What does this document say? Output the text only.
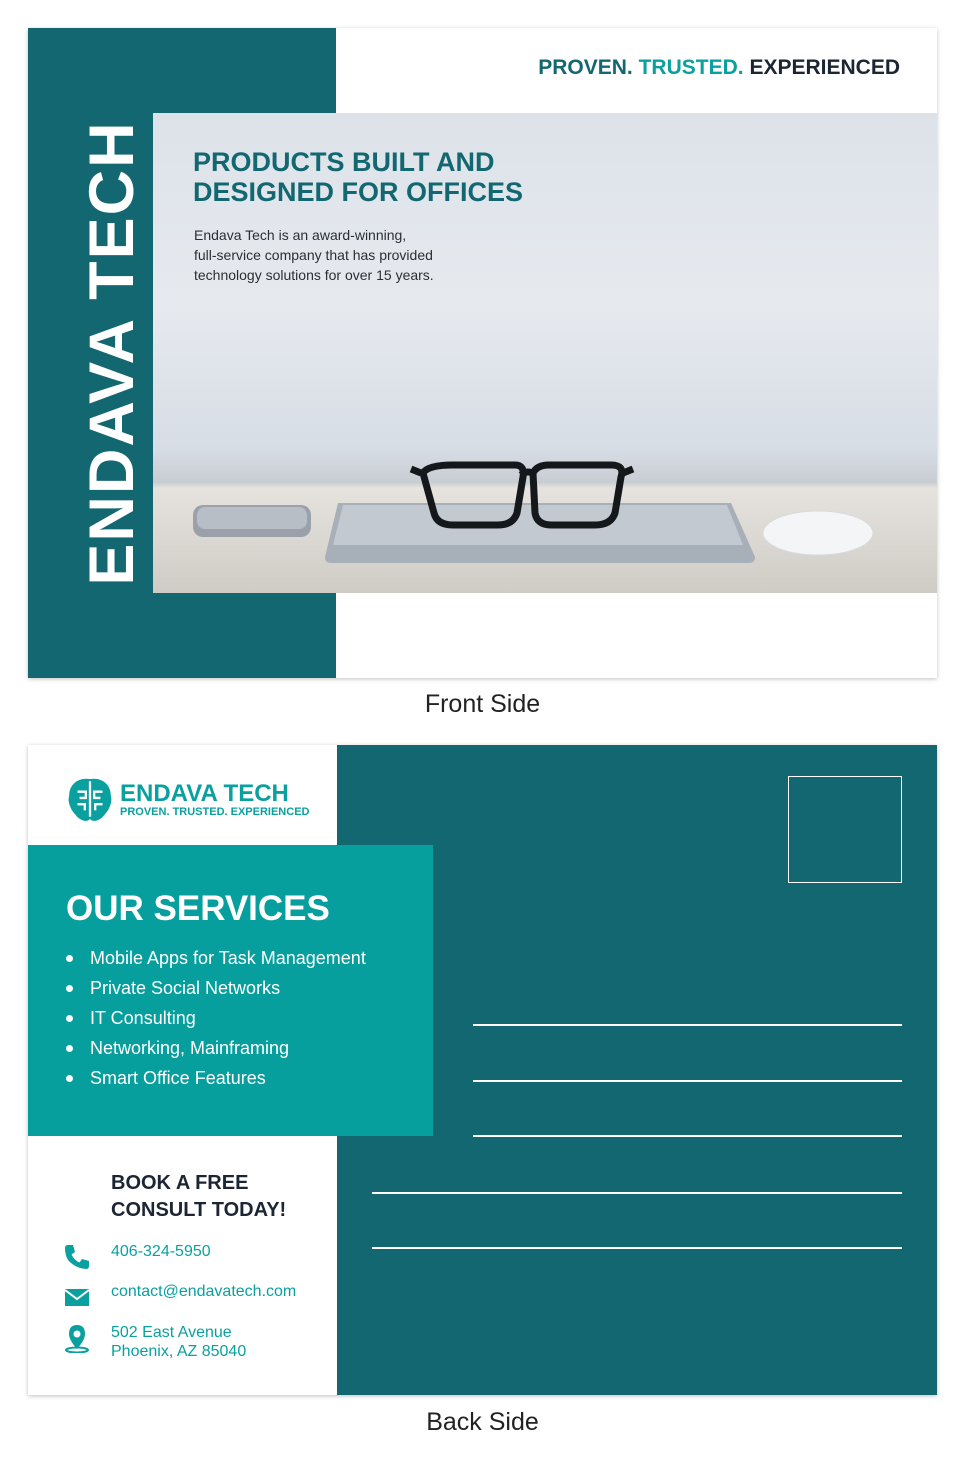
ENDAVA TECH
PROVEN. TRUSTED. EXPERIENCED
PRODUCTS BUILT AND
DESIGNED FOR OFFICES
Endava Tech is an award-winning,
full-service company that has provided
technology solutions for over 15 years.
Front Side
ENDAVA TECH
PROVEN. TRUSTED. EXPERIENCED
OUR SERVICES
Mobile Apps for Task Management
Private Social Networks
IT Consulting
Networking, Mainframing
Smart Office Features
BOOK A FREE
CONSULT TODAY!
406-324-5950
contact@endavatech.com
502 East Avenue
Phoenix, AZ 85040
Back Side
